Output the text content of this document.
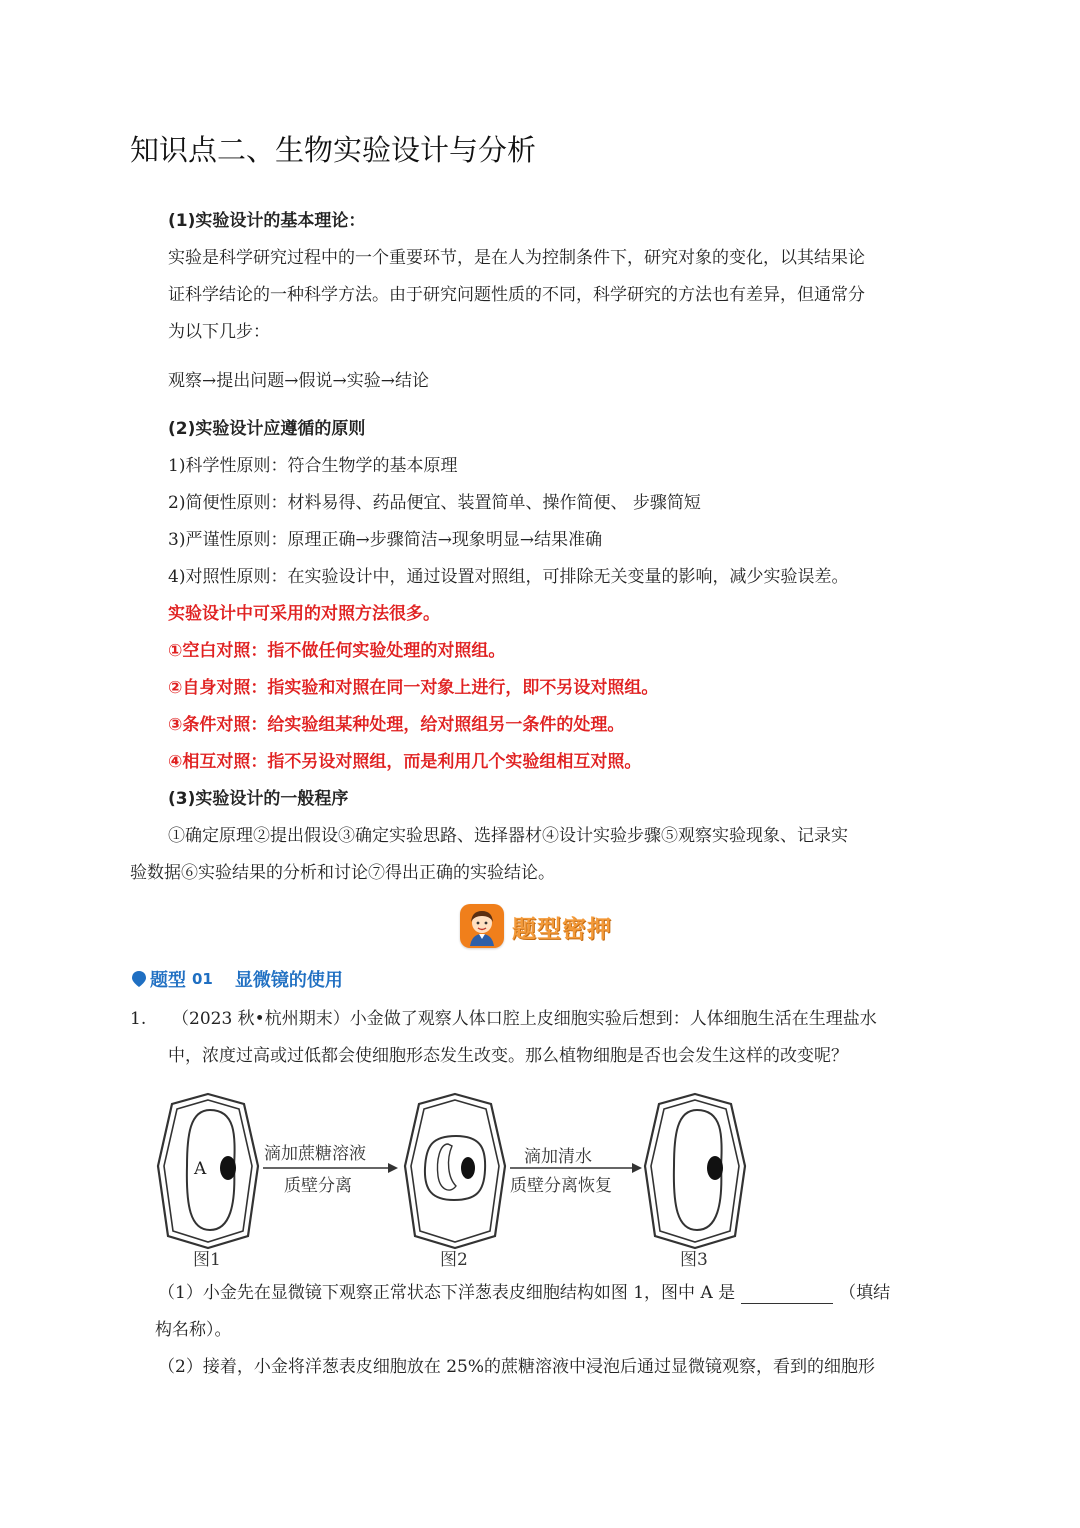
知识点二、生物实验设计与分析
(1)实验设计的基本理论：
实验是科学研究过程中的一个重要环节，是在人为控制条件下，研究对象的变化，以其结果论
证科学结论的一种科学方法。由于研究问题性质的不同，科学研究的方法也有差异，但通常分
为以下几步：
观察→提出问题→假说→实验→结论
(2)实验设计应遵循的原则
1)科学性原则：符合生物学的基本原理
2)简便性原则：材料易得、药品便宜、装置简单、操作简便、 步骤简短
3)严谨性原则：原理正确→步骤简洁→现象明显→结果准确
4)对照性原则：在实验设计中，通过设置对照组，可排除无关变量的影响，减少实验误差。
实验设计中可采用的对照方法很多。
①空白对照：指不做任何实验处理的对照组。
②自身对照：指实验和对照在同一对象上进行，即不另设对照组。
③条件对照：给实验组某种处理，给对照组另一条件的处理。
④相互对照：指不另设对照组，而是利用几个实验组相互对照。
(3)实验设计的一般程序
①确定原理②提出假设③确定实验思路、选择器材④设计实验步骤⑤观察实验现象、记录实
验数据⑥实验结果的分析和讨论⑦得出正确的实验结论。
题型密押
题型 01 显微镜的使用
1. （2023 秋•杭州期末）小金做了观察人体口腔上皮细胞实验后想到：人体细胞生活在生理盐水
中，浓度过高或过低都会使细胞形态发生改变。那么植物细胞是否也会发生这样的改变呢？
A
滴加蔗糖溶液
质壁分离
滴加清水
质壁分离恢复
图1	图2	图3
（1）小金先在显微镜下观察正常状态下洋葱表皮细胞结构如图 1，图中 A 是	（填结
构名称）。
（2）接着，小金将洋葱表皮细胞放在 25%的蔗糖溶液中浸泡后通过显微镜观察，看到的细胞形
